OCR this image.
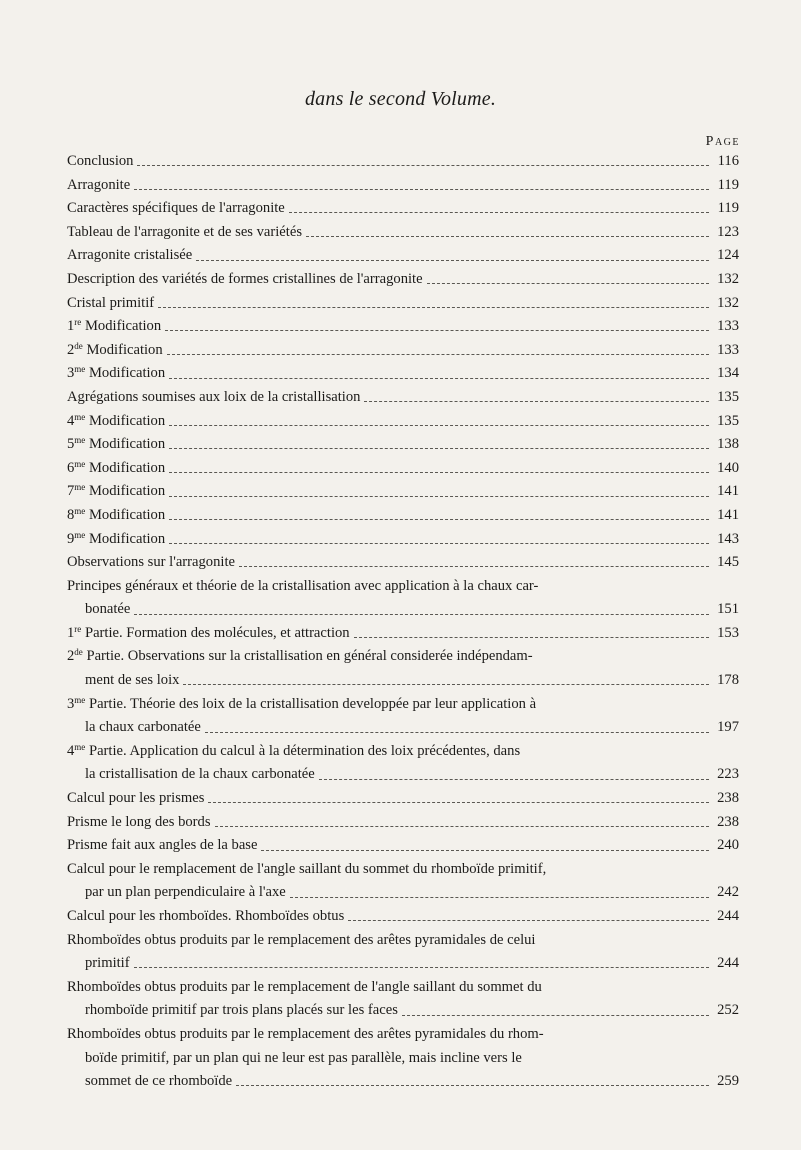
dans le second Volume.
Page
Conclusion	116
Arragonite	119
Caractères spécifiques de l'arragonite	119
Tableau de l'arragonite et de ses variétés	123
Arragonite cristalisée	124
Description des variétés de formes cristallines de l'arragonite	132
Cristal primitif	132
1re Modification	133
2de Modification	133
$3^{me}$ Modification	134
Agrégations soumises aux loix de la cristallisation	135
$4^{me}$ Modification	135
$5^{me}$ Modification	138
$6^{me}$ Modification	140
$7^{me}$ Modification	141
$8^{me}$ Modification	141
$9^{me}$ Modification	143
Observations sur l'arragonite	145
Principes généraux et théorie de la cristallisation avec application à la chaux car-
bonatée	151
1re Partie. Formation des molécules, et attraction	153
2de Partie. Observations sur la cristallisation en général considerée indépendam-
ment de ses loix	178
$3^{me}$ Partie. Théorie des loix de la cristallisation developpée par leur application à
la chaux carbonatée	197
$4^{me}$ Partie. Application du calcul à la détermination des loix précédentes, dans
la cristallisation de la chaux carbonatée	223
Calcul pour les prismes	238
Prisme le long des bords	238
Prisme fait aux angles de la base	240
Calcul pour le remplacement de l'angle saillant du sommet du rhomboïde primitif,
par un plan perpendiculaire à l'axe	242
Calcul pour les rhomboïdes. Rhomboïdes obtus	244
Rhomboïdes obtus produits par le remplacement des arêtes pyramidales de celui
primitif	244
Rhomboïdes obtus produits par le remplacement de l'angle saillant du sommet du
rhomboïde primitif par trois plans placés sur les faces	252
Rhomboïdes obtus produits par le remplacement des arêtes pyramidales du rhom-
boïde primitif, par un plan qui ne leur est pas parallèle, mais incline vers le
sommet de ce rhomboïde	259
